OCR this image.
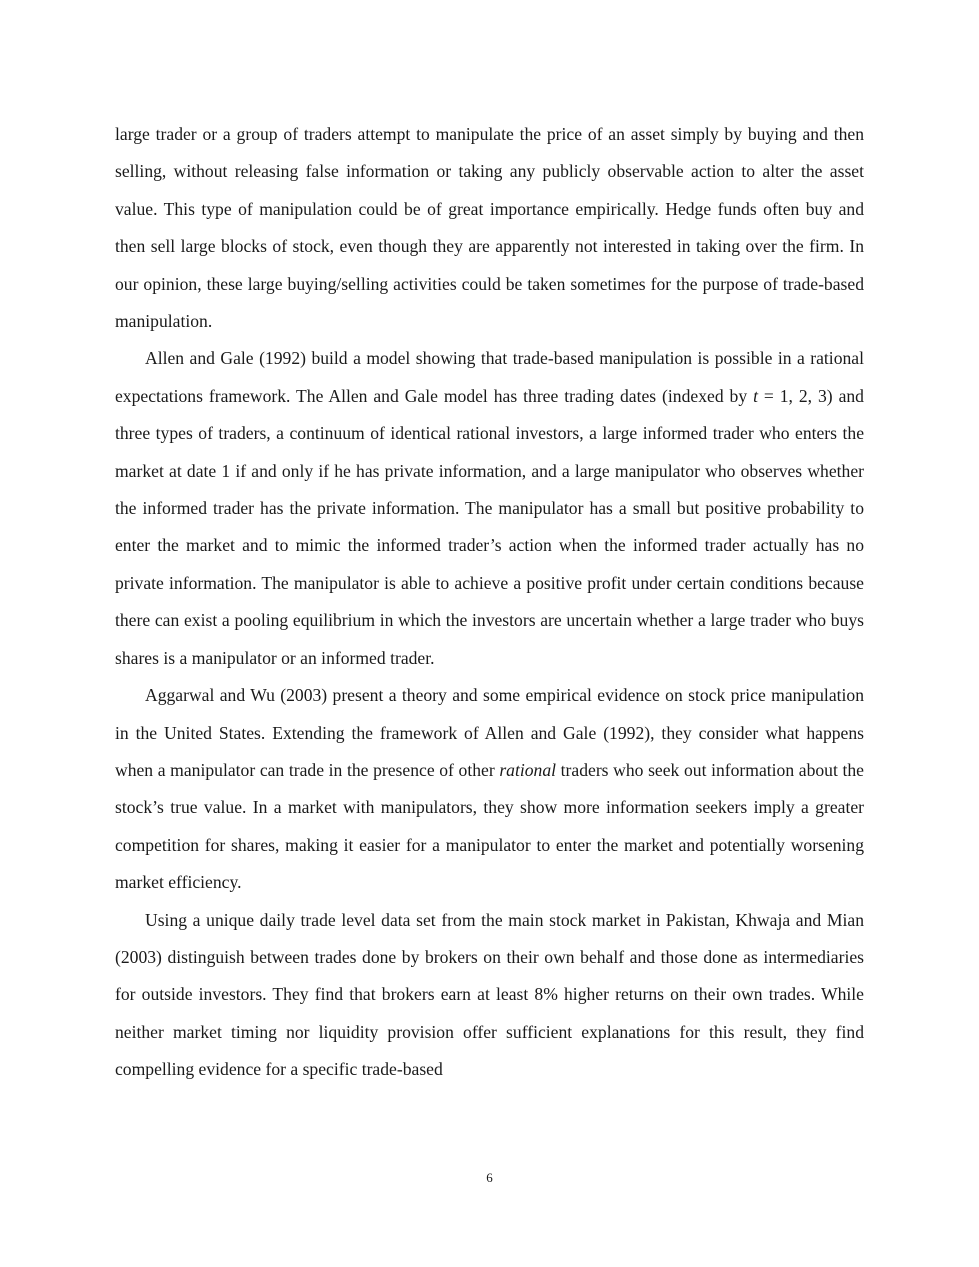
large trader or a group of traders attempt to manipulate the price of an asset simply by buying and then selling, without releasing false information or taking any publicly observable action to alter the asset value. This type of manipulation could be of great importance empirically. Hedge funds often buy and then sell large blocks of stock, even though they are apparently not interested in taking over the firm. In our opinion, these large buying/selling activities could be taken sometimes for the purpose of trade-based manipulation.

Allen and Gale (1992) build a model showing that trade-based manipulation is possible in a rational expectations framework. The Allen and Gale model has three trading dates (indexed by t = 1, 2, 3) and three types of traders, a continuum of identical rational investors, a large informed trader who enters the market at date 1 if and only if he has private information, and a large manipulator who observes whether the informed trader has the private information. The manipulator has a small but positive probability to enter the market and to mimic the informed trader’s action when the informed trader actually has no private information. The manipulator is able to achieve a positive profit under certain conditions because there can exist a pooling equilibrium in which the investors are uncertain whether a large trader who buys shares is a manipulator or an informed trader.

Aggarwal and Wu (2003) present a theory and some empirical evidence on stock price manipulation in the United States. Extending the framework of Allen and Gale (1992), they consider what happens when a manipulator can trade in the presence of other rational traders who seek out information about the stock’s true value. In a market with manipulators, they show more information seekers imply a greater competition for shares, making it easier for a manipulator to enter the market and potentially worsening market efficiency.

Using a unique daily trade level data set from the main stock market in Pakistan, Khwaja and Mian (2003) distinguish between trades done by brokers on their own behalf and those done as intermediaries for outside investors. They find that brokers earn at least 8% higher returns on their own trades. While neither market timing nor liquidity provision offer sufficient explanations for this result, they find compelling evidence for a specific trade-based

6
